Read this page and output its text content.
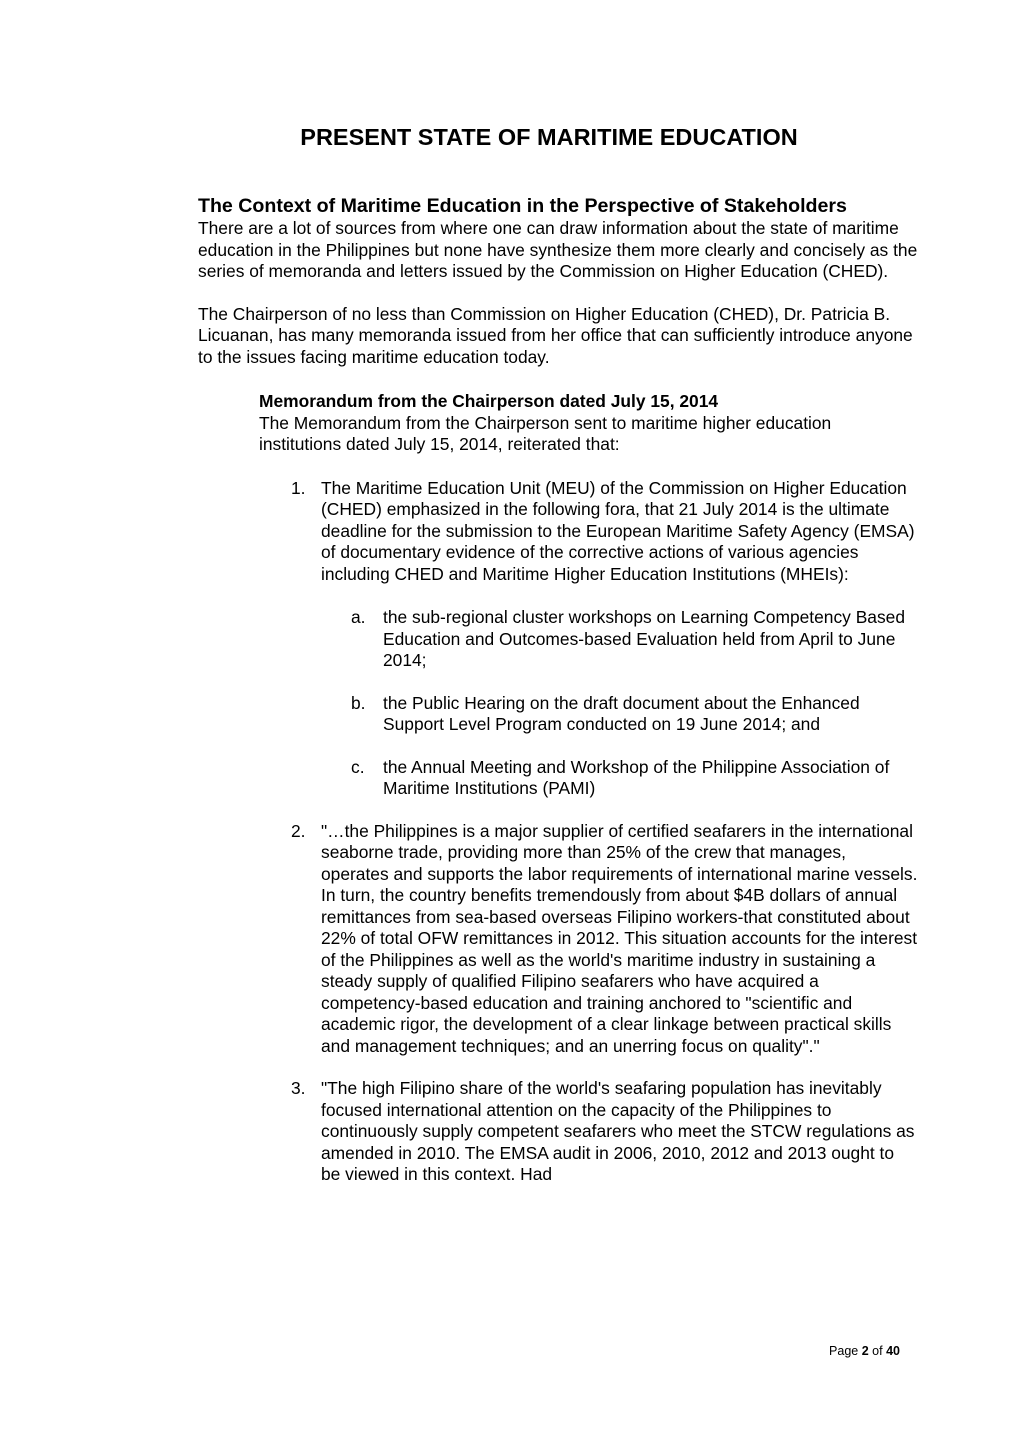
PRESENT STATE OF MARITIME EDUCATION
The Context of Maritime Education in the Perspective of Stakeholders

There are a lot of sources from where one can draw information about the state of maritime education in the Philippines but none have synthesize them more clearly and concisely as the series of memoranda and letters issued by the Commission on Higher Education (CHED).

The Chairperson of no less than Commission on Higher Education (CHED), Dr. Patricia B. Licuanan, has many memoranda issued from her office that can sufficiently introduce anyone to the issues facing maritime education today.

Memorandum from the Chairperson dated July 15, 2014

The Memorandum from the Chairperson sent to maritime higher education institutions dated July 15, 2014, reiterated that:

1. The Maritime Education Unit (MEU) of the Commission on Higher Education (CHED) emphasized in the following fora, that 21 July 2014 is the ultimate deadline for the submission to the European Maritime Safety Agency (EMSA) of documentary evidence of the corrective actions of various agencies including CHED and Maritime Higher Education Institutions (MHEIs):
a. the sub-regional cluster workshops on Learning Competency Based Education and Outcomes-based Evaluation held from April to June 2014;
b. the Public Hearing on the draft document about the Enhanced Support Level Program conducted on 19 June 2014; and
c. the Annual Meeting and Workshop of the Philippine Association of Maritime Institutions (PAMI)
2. "…the Philippines is a major supplier of certified seafarers in the international seaborne trade, providing more than 25% of the crew that manages, operates and supports the labor requirements of international marine vessels. In turn, the country benefits tremendously from about $4B dollars of annual remittances from sea-based overseas Filipino workers-that constituted about 22% of total OFW remittances in 2012. This situation accounts for the interest of the Philippines as well as the world's maritime industry in sustaining a steady supply of qualified Filipino seafarers who have acquired a competency-based education and training anchored to "scientific and academic rigor, the development of a clear linkage between practical skills and management techniques; and an unerring focus on quality"."
3. "The high Filipino share of the world's seafaring population has inevitably focused international attention on the capacity of the Philippines to continuously supply competent seafarers who meet the STCW regulations as amended in 2010. The EMSA audit in 2006, 2010, 2012 and 2013 ought to be viewed in this context. Had
Page 2 of 40
